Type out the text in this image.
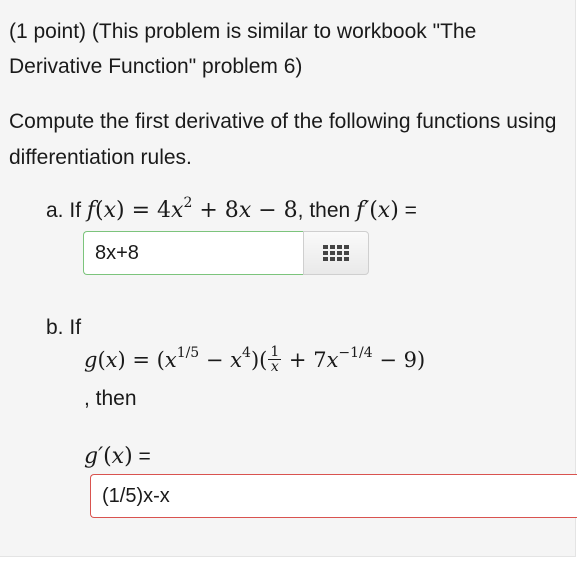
(1 point) (This problem is similar to workbook "The Derivative Function" problem 6)
Compute the first derivative of the following functions using differentiation rules.
a. If $f(x) = 4x^2 + 8x - 8$, then f′(x) =
8x+8
b. If
$g(x) = (x^{1/5} - x^4)( \frac{1}{x} + 7x^{-1/4} - 9)$
, then
g′(x) =
(1/5)x-x
